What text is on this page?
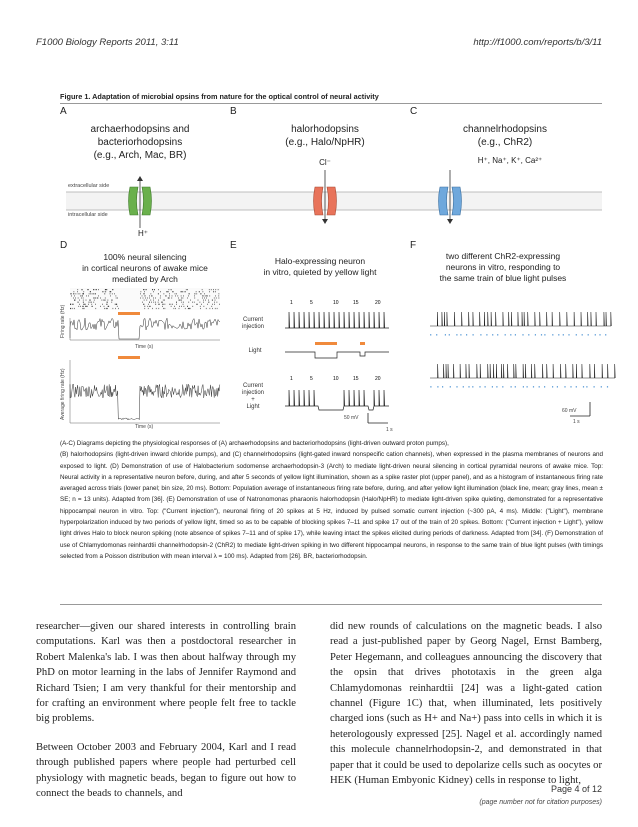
F1000 Biology Reports 2011, 3:11	http://f1000.com/reports/b/3/11
Figure 1. Adaptation of microbial opsins from nature for the optical control of neural activity
A	B	C
archaerhodopsins and
bacteriorhodopsins
(e.g., Arch, Mac, BR)
halorhodopsins
(e.g., Halo/NpHR)
channelrhodopsins
(e.g., ChR2)
Cl⁻	H⁺, Na⁺, K⁺, Ca²⁺
H⁺
extracellular side
intracellular side
D	E	F
100% neural silencing
in cortical neurons of awake mice
mediated by Arch
Halo-expressing neuron
in vitro, quieted by yellow light
two different ChR2-expressing
neurons in vitro, responding to
the same train of blue light pulses
Firing rate (Hz)
Average firing rate (Hz)
Time (s)
Time (s)
Current
injection
Light
Current
injection
+
Light
1	5	10	15	20
1	5	10	15	20
50 mV
1 s
60 mV
1 s
(A-C) Diagrams depicting the physiological responses of (A) archaerhodopsins and bacteriorhodopsins (light-driven outward proton pumps),
(B) halorhodopsins (light-driven inward chloride pumps), and (C) channelrhodopsins (light-gated inward nonspecific cation channels), when expressed in the plasma membranes of neurons and exposed to light. (D) Demonstration of use of Halobacterium sodomense archaerhodopsin-3 (Arch) to mediate light-driven neural silencing in cortical pyramidal neurons of awake mice. Top: Neural activity in a representative neuron before, during, and after 5 seconds of yellow light illumination, shown as a spike raster plot (upper panel), and as a histogram of instantaneous firing rate averaged across trials (lower panel; bin size, 20 ms). Bottom: Population average of instantaneous firing rate before, during, and after yellow light illumination (black line, mean; gray lines, mean ± SE; n = 13 units). Adapted from [36]. (E) Demonstration of use of Natronomonas pharaonis halorhodopsin (Halo/NpHR) to mediate light-driven spike quieting, demonstrated for a representative hippocampal neuron in vitro. Top: ("Current injection"), neuronal firing of 20 spikes at 5 Hz, induced by pulsed somatic current injection (~300 pA, 4 ms). Middle: ("Light"), membrane hyperpolarization induced by two periods of yellow light, timed so as to be capable of blocking spikes 7–11 and spike 17 out of the train of 20 spikes. Bottom: ("Current injection + Light"), yellow light drives Halo to block neuron spiking (note absence of spikes 7–11 and of spike 17), while leaving intact the spikes elicited during periods of darkness. Adapted from [34]. (F) Demonstration of use of Chlamydomonas reinhardtii channelrhodopsin-2 (ChR2) to mediate light-driven spiking in two different hippocampal neurons, in response to the same train of blue light pulses (with timings selected from a Poisson distribution with mean interval λ = 100 ms). Adapted from [26]. BR, bacteriorhodopsin.

researcher—given our shared interests in controlling brain computations. Karl was then a postdoctoral researcher in Robert Malenka's lab. I was then about halfway through my PhD on motor learning in the labs of Jennifer Raymond and Richard Tsien; I am very thankful for their mentorship and for crafting an environment where people felt free to tackle big problems.

Between October 2003 and February 2004, Karl and I read through published papers where people had perturbed cell physiology with magnetic beads, began to figure out how to connect the beads to channels, and

did new rounds of calculations on the magnetic beads. I also read a just-published paper by Georg Nagel, Ernst Bamberg, Peter Hegemann, and colleagues announcing the discovery that the opsin that drives phototaxis in the green alga Chlamydomonas reinhardtii [24] was a light-gated cation channel (Figure 1C) that, when illuminated, lets positively charged ions (such as H+ and Na+) pass into cells in which it is heterologously expressed [25]. Nagel et al. accordingly named this molecule channelrhodopsin-2, and demonstrated in that paper that it could be used to depolarize cells such as oocytes or HEK (Human Embyonic Kidney) cells in response to light,

Page 4 of 12
(page number not for citation purposes)
